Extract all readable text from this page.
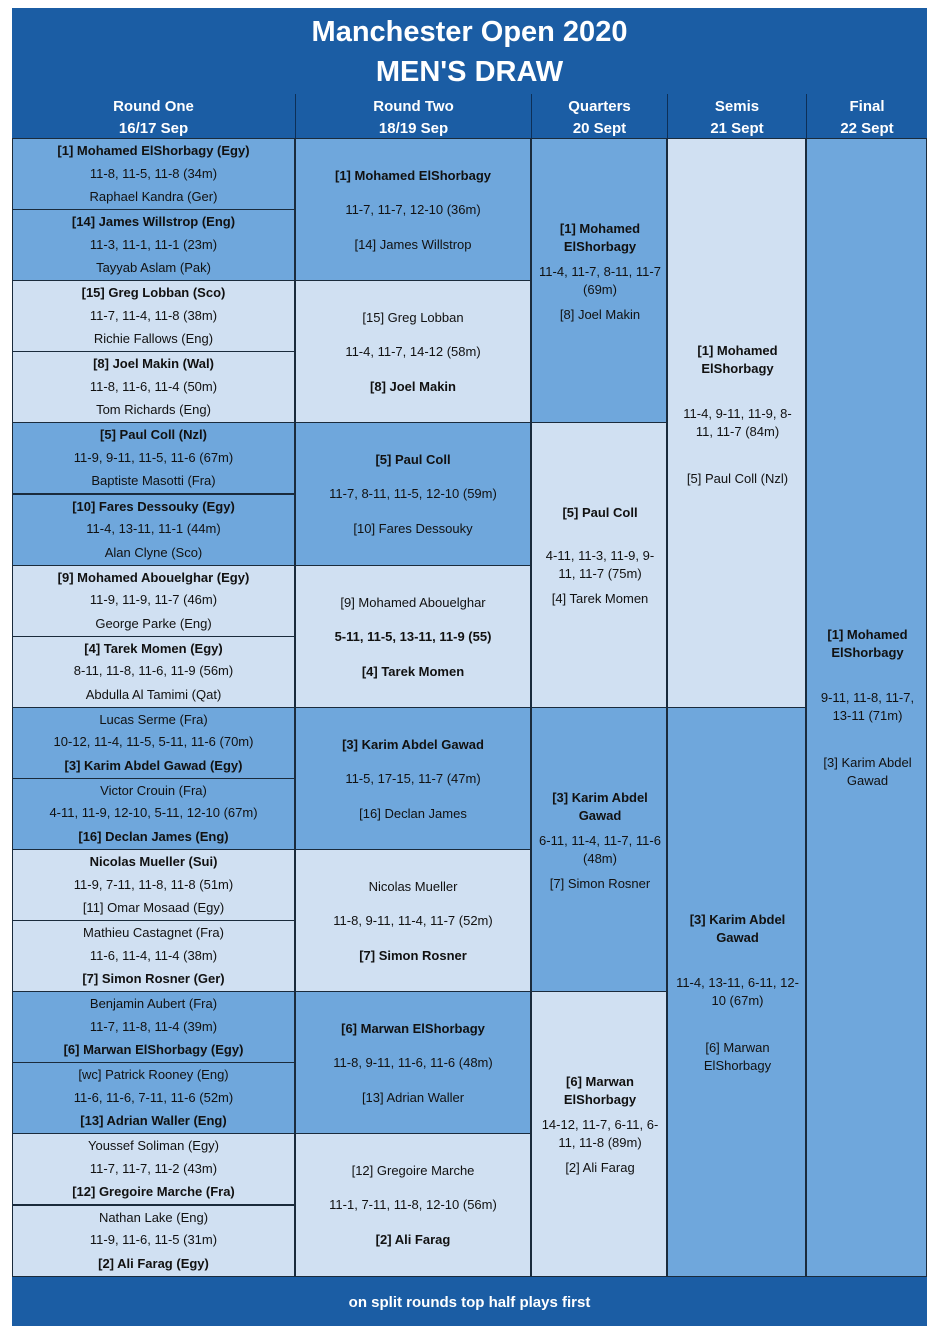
Manchester Open 2020
MEN'S DRAW
Round One
16/17 Sep
Round Two
18/19 Sep
Quarters
20 Sept
Semis
21 Sept
Final
22 Sept
on split rounds top half plays first
[1] Mohamed ElShorbagy (Egy)
11-8, 11-5, 11-8 (34m)
Raphael Kandra (Ger)
[14] James Willstrop (Eng)
11-3, 11-1, 11-1 (23m)
Tayyab Aslam (Pak)
[15] Greg Lobban (Sco)
11-7, 11-4, 11-8 (38m)
Richie Fallows (Eng)
[8] Joel Makin (Wal)
11-8, 11-6, 11-4 (50m)
Tom Richards (Eng)
[5] Paul Coll (Nzl)
11-9, 9-11, 11-5, 11-6 (67m)
Baptiste Masotti (Fra)
[10] Fares Dessouky (Egy)
11-4, 13-11, 11-1 (44m)
Alan Clyne (Sco)
[9] Mohamed Abouelghar (Egy)
11-9, 11-9, 11-7 (46m)
George Parke (Eng)
[4] Tarek Momen (Egy)
8-11, 11-8, 11-6, 11-9 (56m)
Abdulla Al Tamimi (Qat)
Lucas Serme (Fra)
10-12, 11-4, 11-5, 5-11, 11-6 (70m)
[3] Karim Abdel Gawad (Egy)
Victor Crouin (Fra)
4-11, 11-9, 12-10, 5-11, 12-10 (67m)
[16] Declan James (Eng)
Nicolas Mueller (Sui)
11-9, 7-11, 11-8, 11-8 (51m)
[11] Omar Mosaad (Egy)
Mathieu Castagnet (Fra)
11-6, 11-4, 11-4 (38m)
[7] Simon Rosner (Ger)
Benjamin Aubert (Fra)
11-7, 11-8, 11-4 (39m)
[6] Marwan ElShorbagy (Egy)
[wc] Patrick Rooney (Eng)
11-6, 11-6, 7-11, 11-6 (52m)
[13] Adrian Waller (Eng)
Youssef Soliman (Egy)
11-7, 11-7, 11-2 (43m)
[12] Gregoire Marche (Fra)
Nathan Lake (Eng)
11-9, 11-6, 11-5 (31m)
[2] Ali Farag (Egy)
[1] Mohamed ElShorbagy
11-7, 11-7, 12-10 (36m)
[14] James Willstrop
[15] Greg Lobban
11-4, 11-7, 14-12 (58m)
[8] Joel Makin
[5] Paul Coll
11-7, 8-11, 11-5, 12-10 (59m)
[10] Fares Dessouky
[9] Mohamed Abouelghar
5-11, 11-5, 13-11, 11-9 (55)
[4] Tarek Momen
[3] Karim Abdel Gawad
11-5, 17-15, 11-7 (47m)
[16] Declan James
Nicolas Mueller
11-8, 9-11, 11-4, 11-7 (52m)
[7] Simon Rosner
[6] Marwan ElShorbagy
11-8, 9-11, 11-6, 11-6 (48m)
[13] Adrian Waller
[12] Gregoire Marche
11-1, 7-11, 11-8, 12-10 (56m)
[2] Ali Farag
[1] Mohamed ElShorbagy
11-4, 11-7, 8-11, 11-7 (69m)
[8] Joel Makin
[5] Paul Coll
4-11, 11-3, 11-9, 9-11, 11-7 (75m)
[4] Tarek Momen
[3] Karim Abdel Gawad
6-11, 11-4, 11-7, 11-6 (48m)
[7] Simon Rosner
[6] Marwan ElShorbagy
14-12, 11-7, 6-11, 6-11, 11-8 (89m)
[2] Ali Farag
[1] Mohamed ElShorbagy
11-4, 9-11, 11-9, 8-11, 11-7 (84m)
[5] Paul Coll (Nzl)
[3] Karim Abdel Gawad
11-4, 13-11, 6-11, 12-10 (67m)
[6] Marwan ElShorbagy
[1] Mohamed ElShorbagy
9-11, 11-8, 11-7, 13-11 (71m)
[3] Karim Abdel Gawad
